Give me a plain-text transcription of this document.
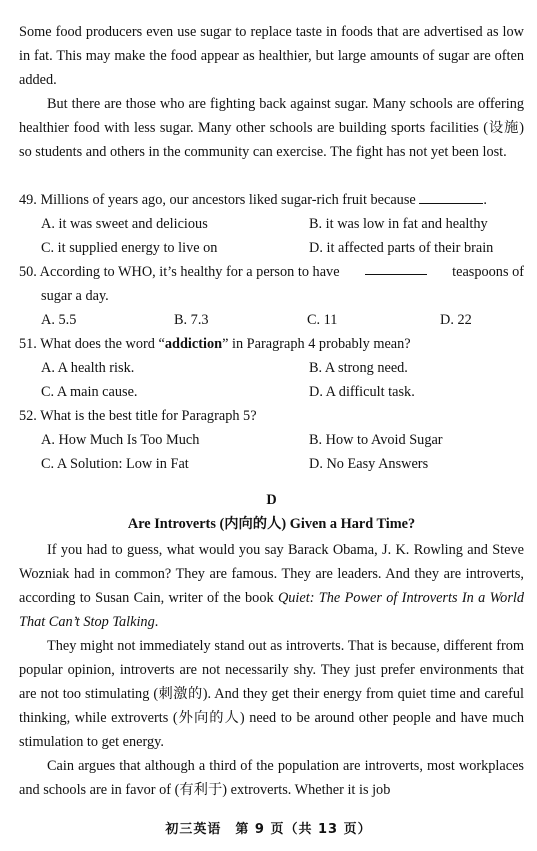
Some food producers even use sugar to replace taste in foods that are advertised as low in fat. This may make the food appear as healthier, but large amounts of sugar are often added.

But there are those who are fighting back against sugar. Many schools are offering healthier food with less sugar. Many other schools are building sports facilities (设施) so students and others in the community can exercise. The fight has not yet been lost.

49. Millions of years ago, our ancestors liked sugar-rich fruit because	.
A. it was sweet and delicious	B. it was low in fat and healthy
C. it supplied energy to live on	D. it affected parts of their brain
50. According to WHO, it’s healthy for a person to have	teaspoons of
sugar a day.
A. 5.5	B. 7.3	C. 11	D. 22
51. What does the word “addiction” in Paragraph 4 probably mean?
A. A health risk.	B. A strong need.
C. A main cause.	D. A difficult task.
52. What is the best title for Paragraph 5?
A. How Much Is Too Much	B. How to Avoid Sugar
C. A Solution: Low in Fat	D. No Easy Answers
D
Are Introverts (内向的人) Given a Hard Time?

If you had to guess, what would you say Barack Obama, J. K. Rowling and Steve Wozniak had in common? They are famous. They are leaders. And they are introverts, according to Susan Cain, writer of the book Quiet: The Power of Introverts In a World That Can’t Stop Talking.

They might not immediately stand out as introverts. That is because, different from popular opinion, introverts are not necessarily shy. They just prefer environments that are not too stimulating (刺激的). And they get their energy from quiet time and careful thinking, while extroverts (外向的人) need to be around other people and have much stimulation to get energy.

Cain argues that although a third of the population are introverts, most workplaces and schools are in favor of (有利于) extroverts. Whether it is job

初三英语　第 9 页（共 13 页）
